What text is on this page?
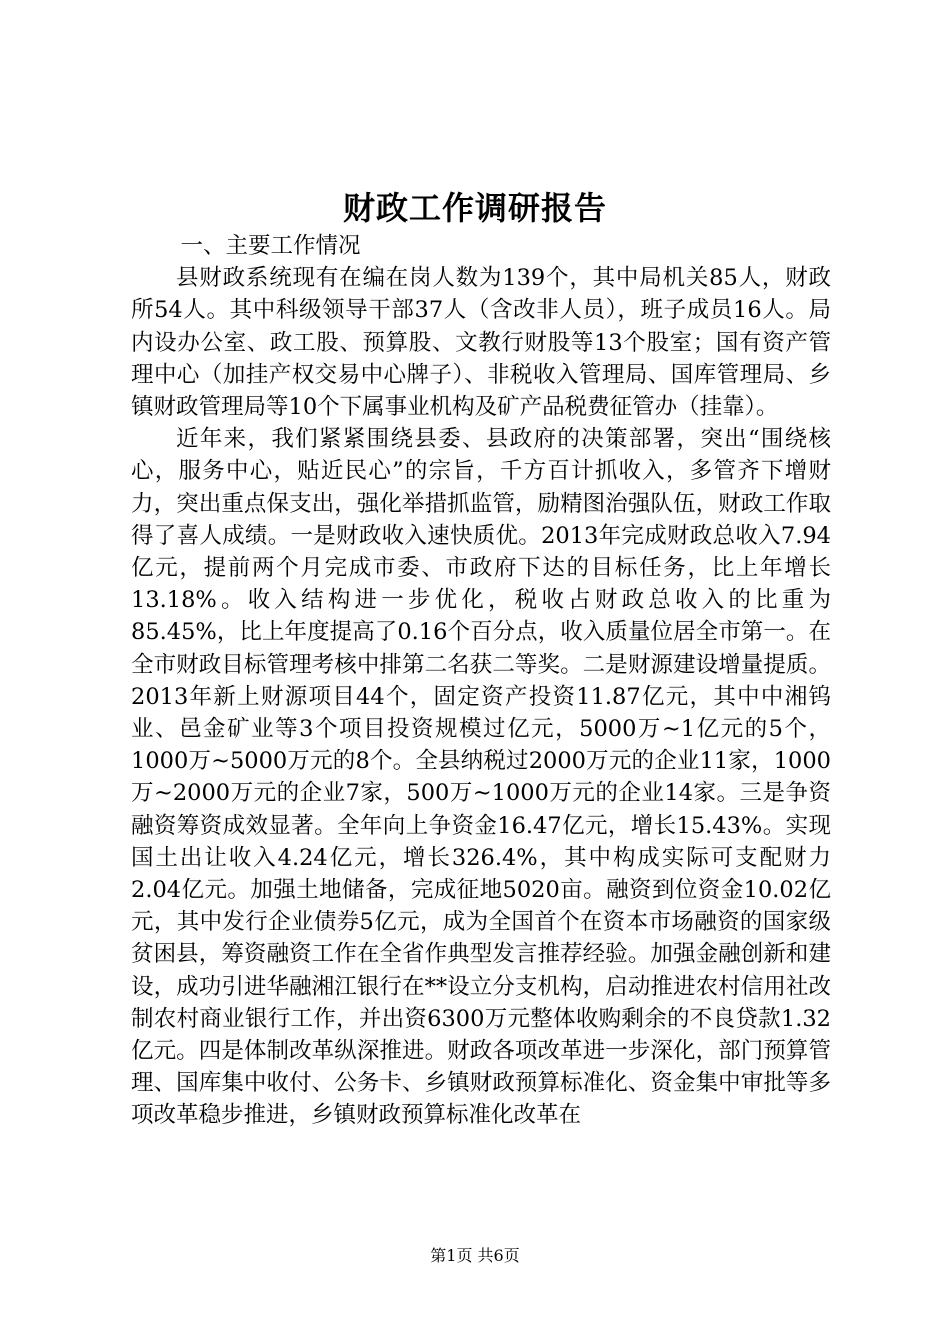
财政工作调研报告

一、主要工作情况

县财政系统现有在编在岗人数为139个，其中局机关85人，财政所54人。其中科级领导干部37人（含改非人员），班子成员16人。局内设办公室、政工股、预算股、文教行财股等13个股室；国有资产管理中心（加挂产权交易中心牌子）、非税收入管理局、国库管理局、乡镇财政管理局等10个下属事业机构及矿产品税费征管办（挂靠）。

近年来，我们紧紧围绕县委、县政府的决策部署，突出“围绕核心，服务中心，贴近民心”的宗旨，千方百计抓收入，多管齐下增财力，突出重点保支出，强化举措抓监管，励精图治强队伍，财政工作取得了喜人成绩。一是财政收入速快质优。2013年完成财政总收入7.94亿元，提前两个月完成市委、市政府下达的目标任务，比上年增长13.18%。收入结构进一步优化，税收占财政总收入的比重为85.45%，比上年度提高了0.16个百分点，收入质量位居全市第一。在全市财政目标管理考核中排第二名获二等奖。二是财源建设增量提质。2013年新上财源项目44个，固定资产投资11.87亿元，其中中湘钨业、邑金矿业等3个项目投资规模过亿元，5000万~1亿元的5个，1000万~5000万元的8个。全县纳税过2000万元的企业11家，1000万~2000万元的企业7家，500万~1000万元的企业14家。三是争资融资筹资成效显著。全年向上争资金16.47亿元，增长15.43%。实现国土出让收入4.24亿元，增长326.4%，其中构成实际可支配财力2.04亿元。加强土地储备，完成征地5020亩。融资到位资金10.02亿元，其中发行企业债券5亿元，成为全国首个在资本市场融资的国家级贫困县，筹资融资工作在全省作典型发言推荐经验。加强金融创新和建设，成功引进华融湘江银行在**设立分支机构，启动推进农村信用社改制农村商业银行工作，并出资6300万元整体收购剩余的不良贷款1.32亿元。四是体制改革纵深推进。财政各项改革进一步深化，部门预算管理、国库集中收付、公务卡、乡镇财政预算标准化、资金集中审批等多项改革稳步推进，乡镇财政预算标准化改革在

第1页 共6页
